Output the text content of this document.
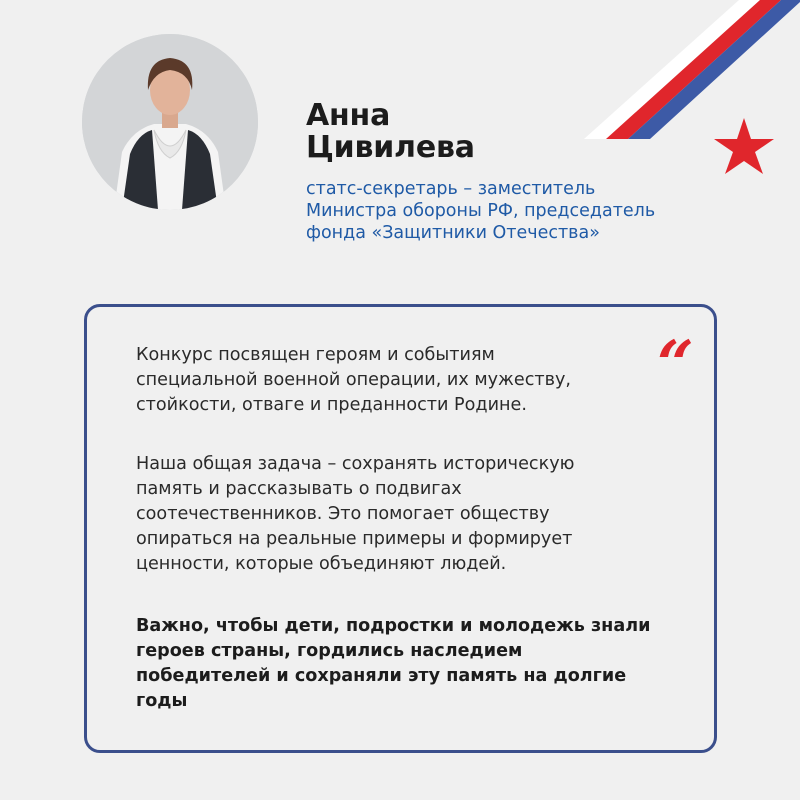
Анна
Цивилева
статс-секретарь – заместитель
Министра обороны РФ, председатель
фонда «Защитники Отечества»
“
Конкурс посвящен героям и событиям
специальной военной операции, их мужеству,
стойкости, отваге и преданности Родине.
Наша общая задача – сохранять историческую
память и рассказывать о подвигах
соотечественников. Это помогает обществу
опираться на реальные примеры и формирует
ценности, которые объединяют людей.
Важно, чтобы дети, подростки и молодежь знали
героев страны, гордились наследием
победителей и сохраняли эту память на долгие
годы
